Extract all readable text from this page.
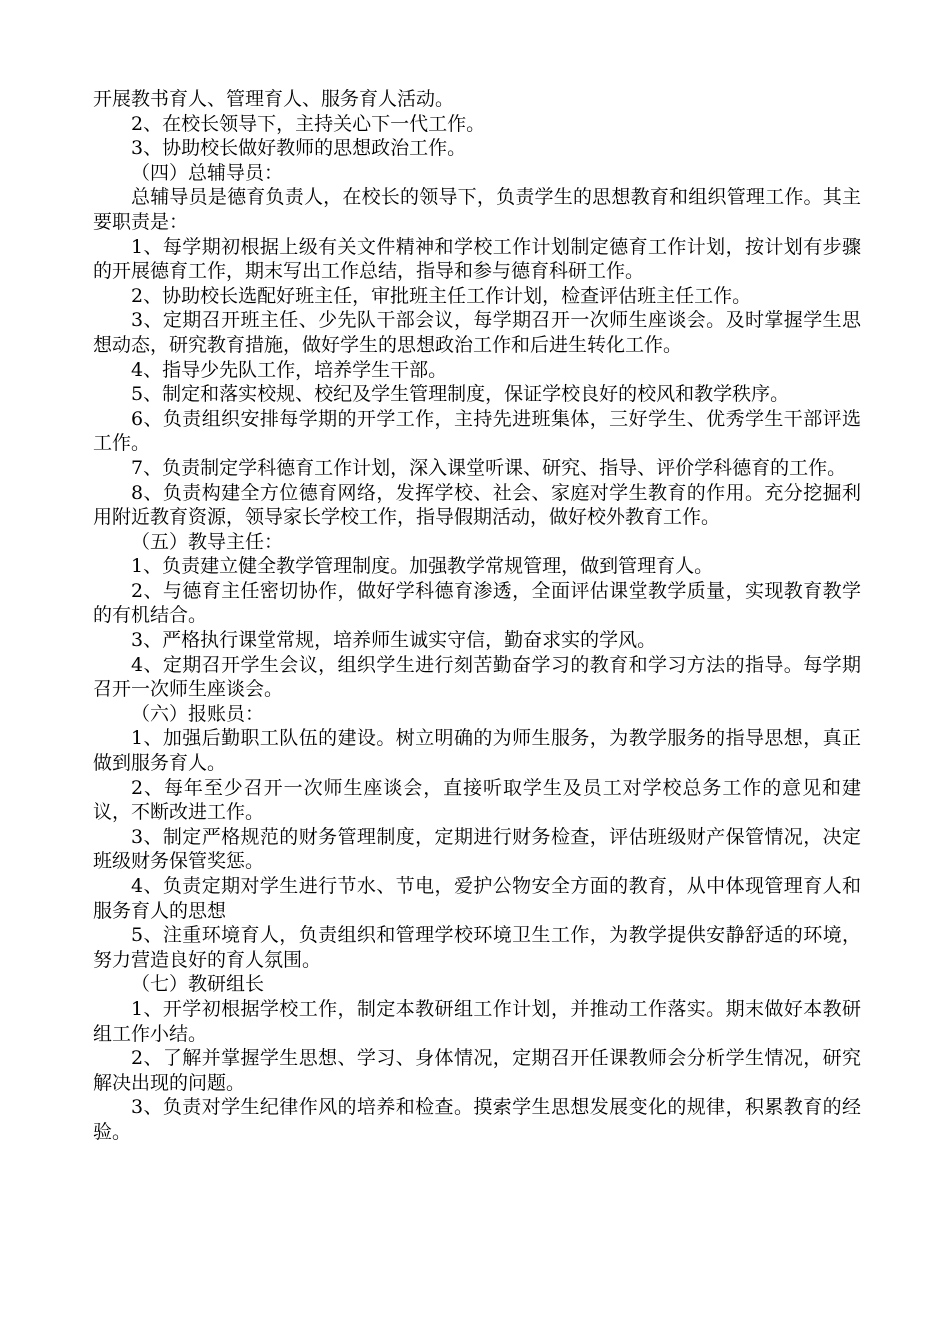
开展教书育人、管理育人、服务育人活动。

2、在校长领导下，主持关心下一代工作。

3、协助校长做好教师的思想政治工作。

（四）总辅导员：

总辅导员是德育负责人，在校长的领导下，负责学生的思想教育和组织管理工作。其主要职责是：

1、每学期初根据上级有关文件精神和学校工作计划制定德育工作计划，按计划有步骤的开展德育工作，期末写出工作总结，指导和参与德育科研工作。

2、协助校长选配好班主任，审批班主任工作计划，检查评估班主任工作。

3、定期召开班主任、少先队干部会议，每学期召开一次师生座谈会。及时掌握学生思想动态，研究教育措施，做好学生的思想政治工作和后进生转化工作。

4、指导少先队工作，培养学生干部。

5、制定和落实校规、校纪及学生管理制度，保证学校良好的校风和教学秩序。

6、负责组织安排每学期的开学工作，主持先进班集体，三好学生、优秀学生干部评选工作。

7、负责制定学科德育工作计划，深入课堂听课、研究、指导、评价学科德育的工作。

8、负责构建全方位德育网络，发挥学校、社会、家庭对学生教育的作用。充分挖掘利用附近教育资源，领导家长学校工作，指导假期活动，做好校外教育工作。

（五）教导主任：

1、负责建立健全教学管理制度。加强教学常规管理，做到管理育人。

2、与德育主任密切协作，做好学科德育渗透，全面评估课堂教学质量，实现教育教学的有机结合。

3、严格执行课堂常规，培养师生诚实守信，勤奋求实的学风。

4、定期召开学生会议，组织学生进行刻苦勤奋学习的教育和学习方法的指导。每学期召开一次师生座谈会。

（六）报账员：

1、加强后勤职工队伍的建设。树立明确的为师生服务，为教学服务的指导思想，真正做到服务育人。

2、每年至少召开一次师生座谈会，直接听取学生及员工对学校总务工作的意见和建议，不断改进工作。

3、制定严格规范的财务管理制度，定期进行财务检查，评估班级财产保管情况，决定班级财务保管奖惩。

4、负责定期对学生进行节水、节电，爱护公物安全方面的教育，从中体现管理育人和服务育人的思想

5、注重环境育人，负责组织和管理学校环境卫生工作，为教学提供安静舒适的环境，努力营造良好的育人氛围。

（七）教研组长

1、开学初根据学校工作，制定本教研组工作计划，并推动工作落实。期末做好本教研组工作小结。

2、了解并掌握学生思想、学习、身体情况，定期召开任课教师会分析学生情况，研究解决出现的问题。

3、负责对学生纪律作风的培养和检查。摸索学生思想发展变化的规律，积累教育的经验。
